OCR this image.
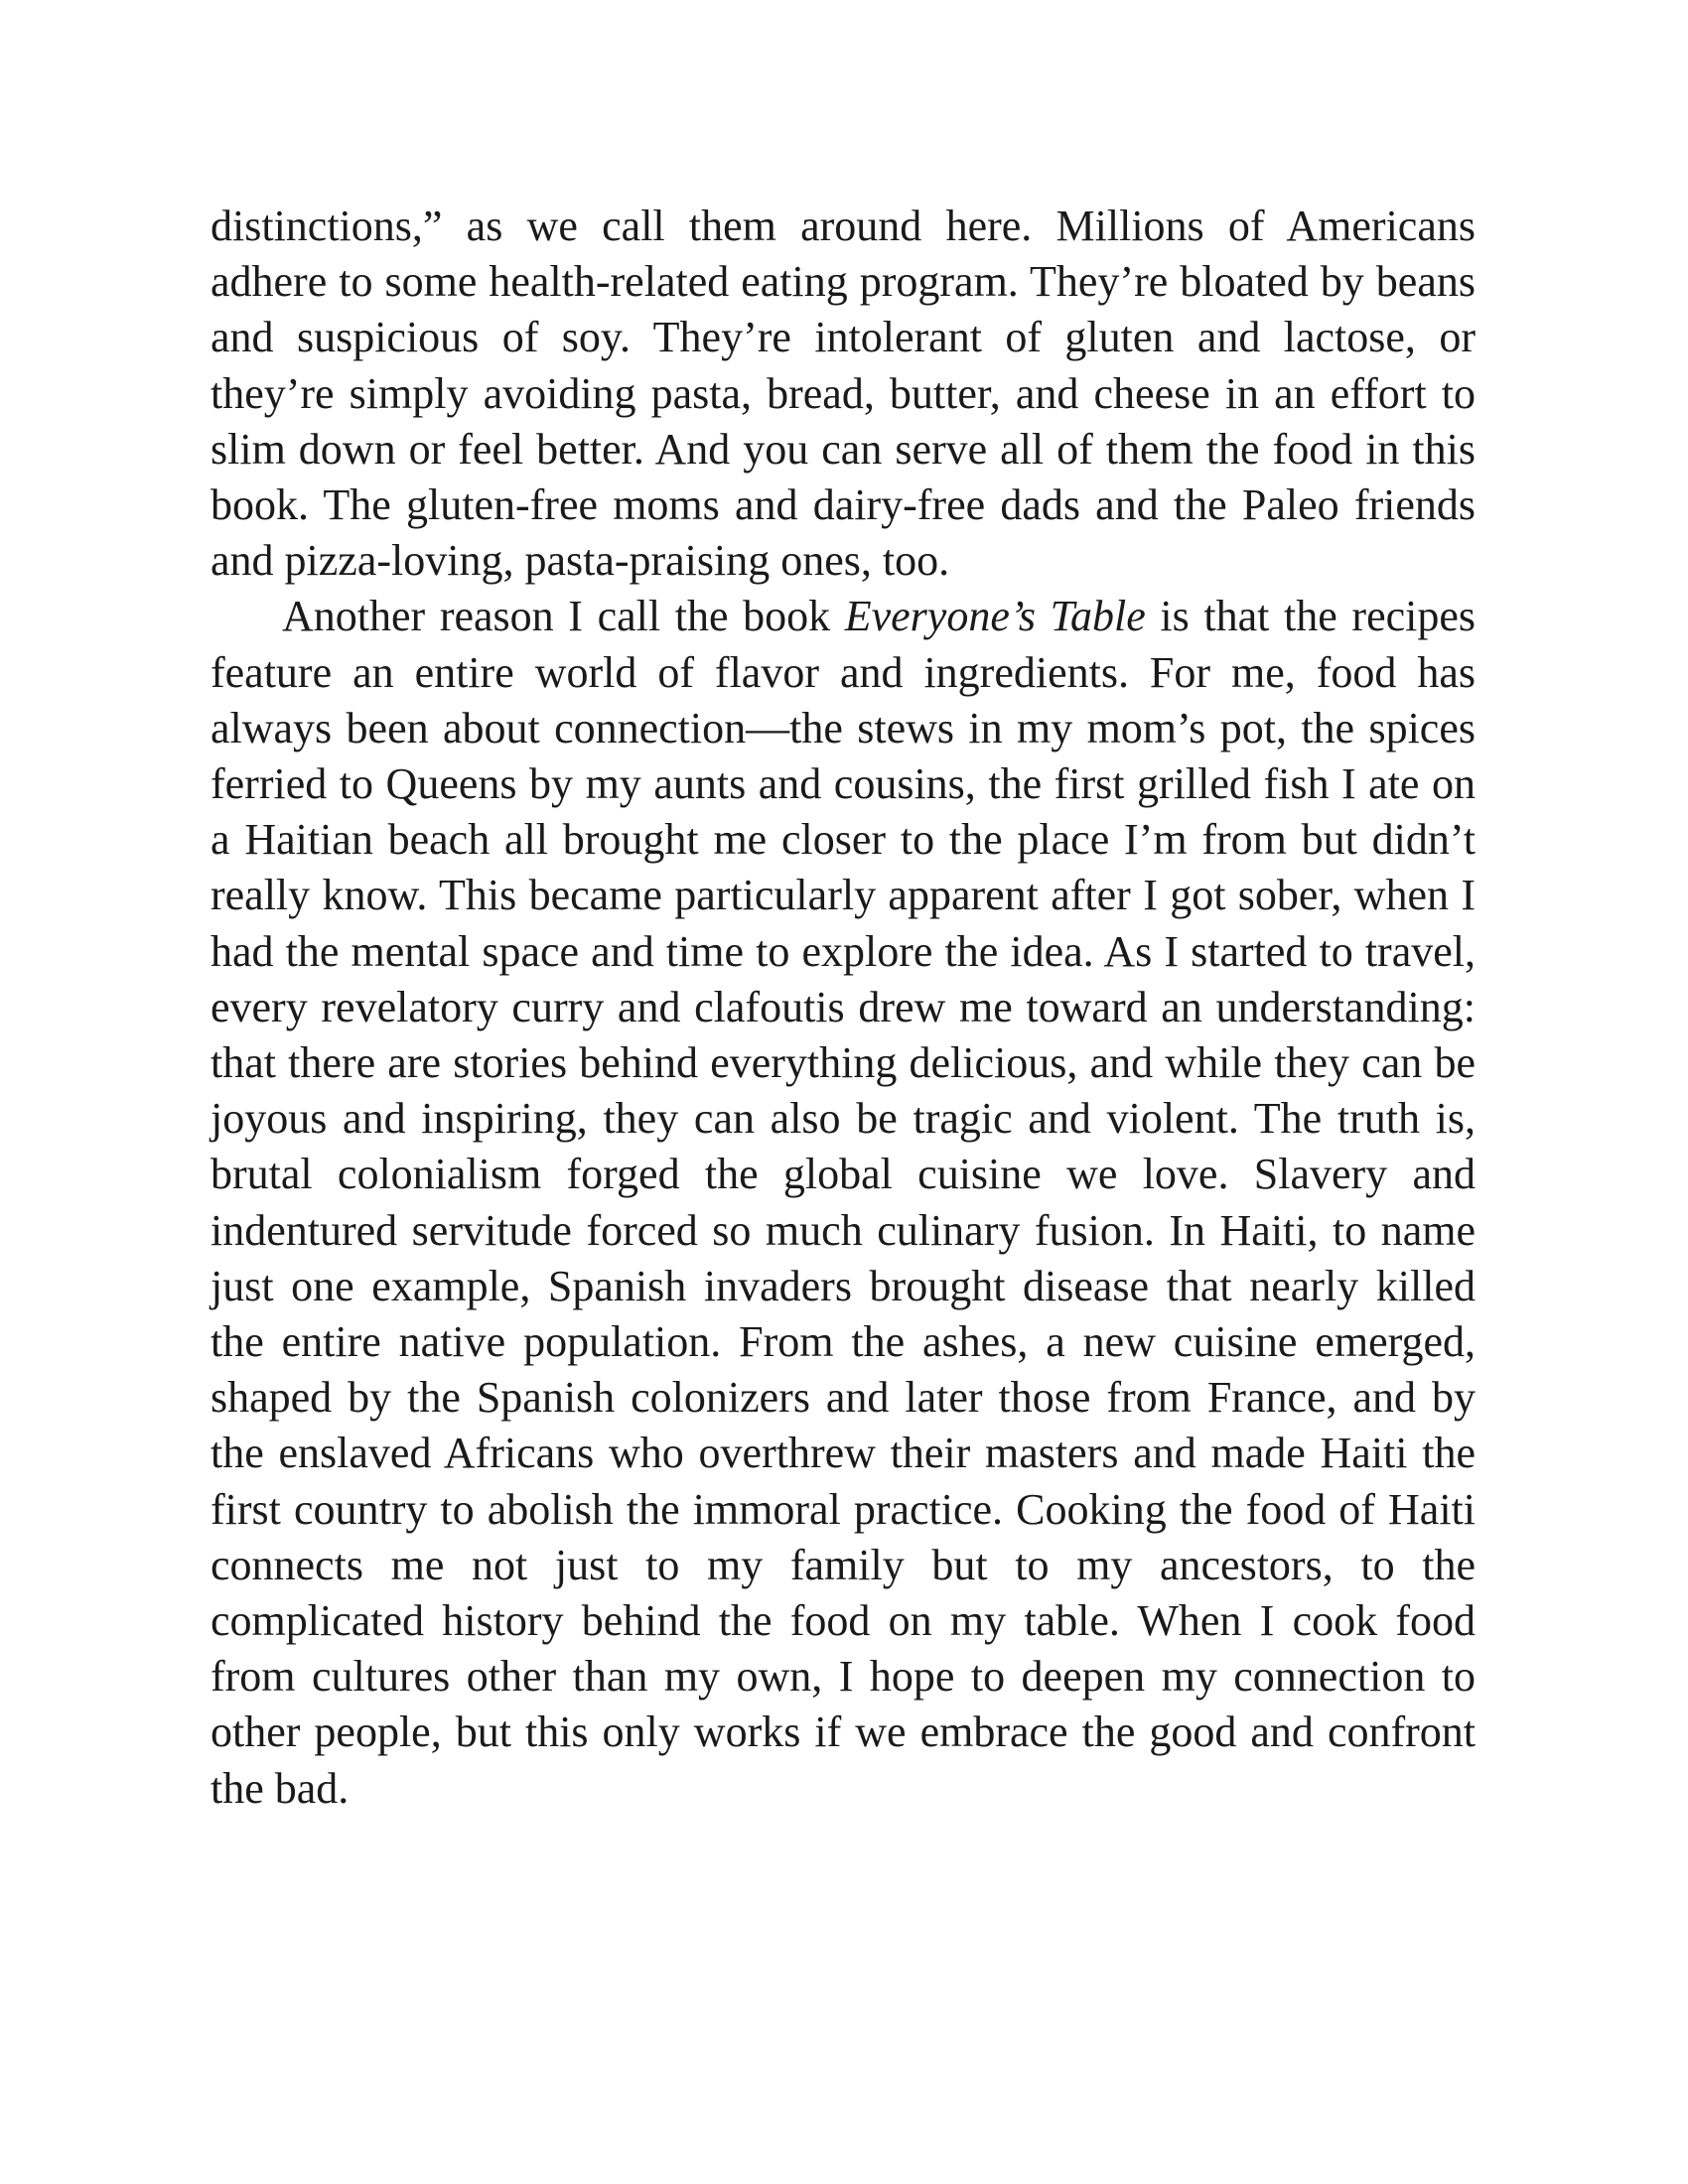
distinctions,” as we call them around here. Millions of Americans adhere to some health-related eating program. They’re bloated by beans and suspicious of soy. They’re intolerant of gluten and lactose, or they’re simply avoiding pasta, bread, butter, and cheese in an effort to slim down or feel better. And you can serve all of them the food in this book. The gluten-free moms and dairy-free dads and the Paleo friends and pizza-loving, pasta-praising ones, too.

Another reason I call the book Everyone’s Table is that the recipes feature an entire world of flavor and ingredients. For me, food has always been about connection—the stews in my mom’s pot, the spices ferried to Queens by my aunts and cousins, the first grilled fish I ate on a Haitian beach all brought me closer to the place I’m from but didn’t really know. This became particularly apparent after I got sober, when I had the mental space and time to explore the idea. As I started to travel, every revelatory curry and clafoutis drew me toward an understanding: that there are stories behind everything delicious, and while they can be joyous and inspiring, they can also be tragic and violent. The truth is, brutal colonialism forged the global cuisine we love. Slavery and indentured servitude forced so much culinary fusion. In Haiti, to name just one example, Spanish invaders brought disease that nearly killed the entire native population. From the ashes, a new cuisine emerged, shaped by the Spanish colonizers and later those from France, and by the enslaved Africans who overthrew their masters and made Haiti the first country to abolish the immoral practice. Cooking the food of Haiti connects me not just to my family but to my ancestors, to the complicated history behind the food on my table. When I cook food from cultures other than my own, I hope to deepen my connection to other people, but this only works if we embrace the good and confront the bad.
